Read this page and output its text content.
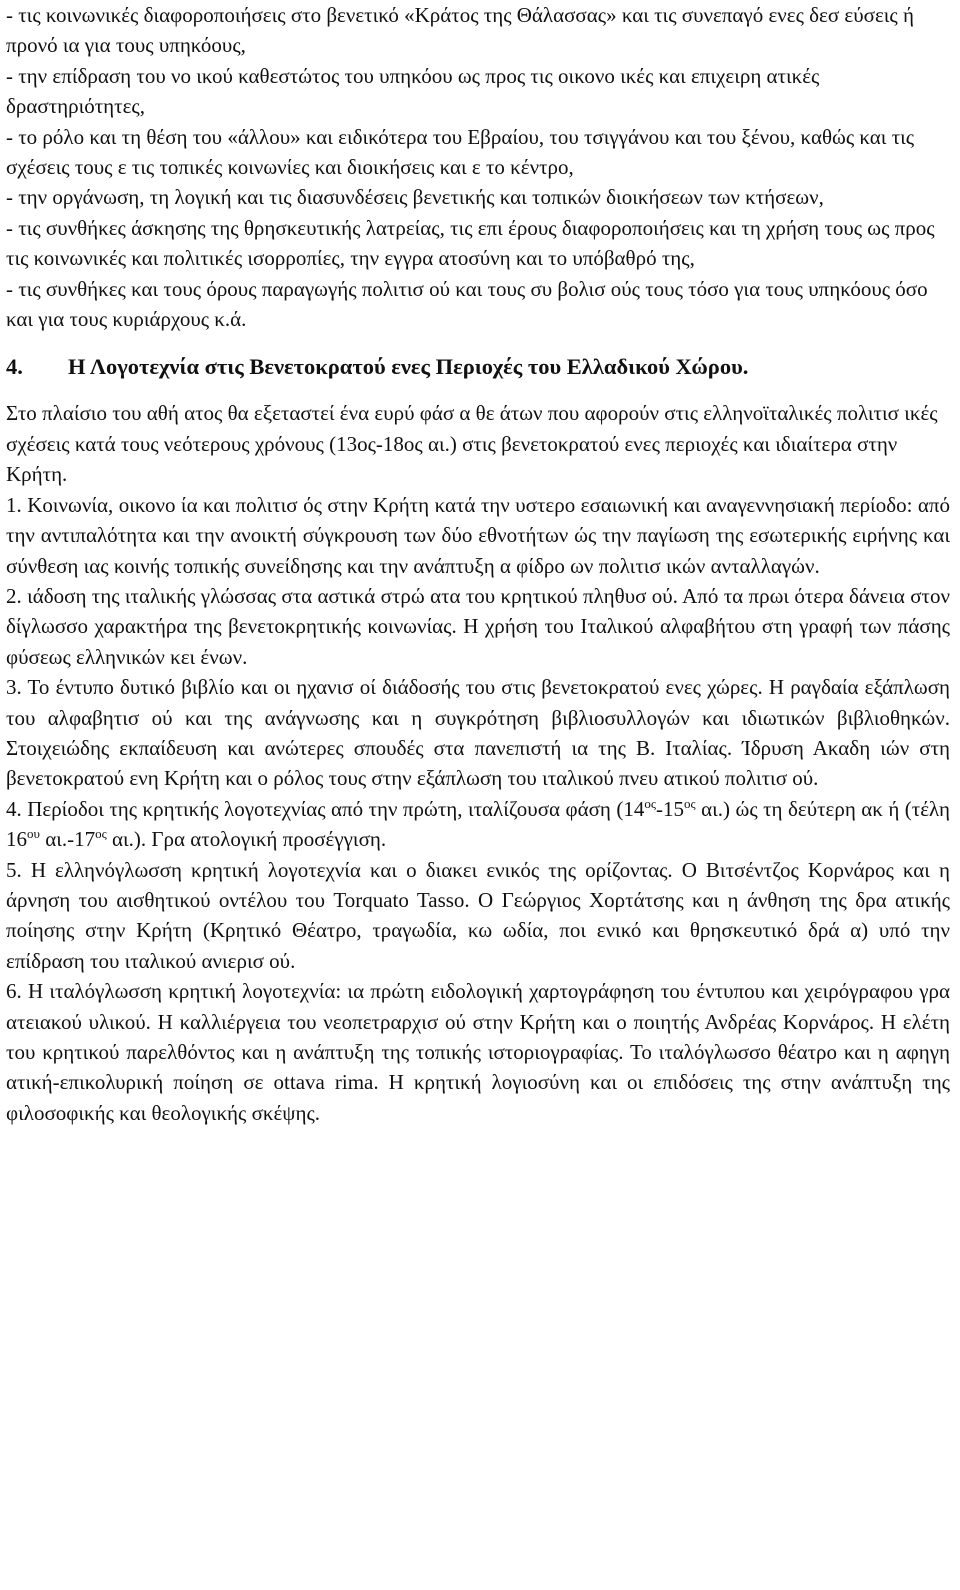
- τις κοινωνικές διαφοροποιήσεις στο βενετικό «Κράτος της Θάλασσας» και τις συνεπαγό ενες δεσ εύσεις ή προνό ια για τους υπηκόους,

- την επίδραση του νο ικού καθεστώτος του υπηκόου ως προς τις οικονο ικές και επιχειρη ατικές δραστηριότητες,

- το ρόλο και τη θέση του «άλλου» και ειδικότερα του Εβραίου, του τσιγγάνου και του ξένου, καθώς και τις σχέσεις τους ε τις τοπικές κοινωνίες και διοικήσεις και ε το κέντρο,

- την οργάνωση, τη λογική και τις διασυνδέσεις βενετικής και τοπικών διοικήσεων των κτήσεων,

- τις συνθήκες άσκησης της θρησκευτικής λατρείας, τις επι έρους διαφοροποιήσεις και τη χρήση τους ως προς τις κοινωνικές και πολιτικές ισορροπίες, την εγγρα ατοσύνη και το υπόβαθρό της,

- τις συνθήκες και τους όρους παραγωγής πολιτισ ού και τους συ βολισ ούς τους τόσο για τους υπηκόους όσο και για τους κυριάρχους κ.ά.

4.	Η Λογοτεχνία στις Βενετοκρατού ενες Περιοχές του Ελλαδικού Χώρου.

Στο πλαίσιο του αθή ατος θα εξεταστεί ένα ευρύ φάσ α θε άτων που αφορούν στις ελληνοϊταλικές πολιτισ ικές σχέσεις κατά τους νεότερους χρόνους (13ος-18ος αι.) στις βενετοκρατού ενες περιοχές και ιδιαίτερα στην Κρήτη.

1. Κοινωνία, οικονο ία και πολιτισ ός στην Κρήτη κατά την υστερο εσαιωνική και αναγεννησιακή περίοδο: από την αντιπαλότητα και την ανοικτή σύγκρουση των δύο εθνοτήτων ώς την παγίωση της εσωτερικής ειρήνης και σύνθεση ιας κοινής τοπικής συνείδησης και την ανάπτυξη α φίδρο ων πολιτισ ικών ανταλλαγών.

2. ιάδοση της ιταλικής γλώσσας στα αστικά στρώ ατα του κρητικού πληθυσ ού. Από τα πρωι ότερα δάνεια στον δίγλωσσο χαρακτήρα της βενετοκρητικής κοινωνίας. Η χρήση του Ιταλικού αλφαβήτου στη γραφή των πάσης φύσεως ελληνικών κει ένων.

3. Το έντυπο δυτικό βιβλίο και οι ηχανισ οί διάδοσής του στις βενετοκρατού ενες χώρες. Η ραγδαία εξάπλωση του αλφαβητισ ού και της ανάγνωσης και η συγκρότηση βιβλιοσυλλογών και ιδιωτικών βιβλιοθηκών. Στοιχειώδης εκπαίδευση και ανώτερες σπουδές στα πανεπιστή ια της Β. Ιταλίας. Ίδρυση Ακαδη ιών στη βενετοκρατού ενη Κρήτη και ο ρόλος τους στην εξάπλωση του ιταλικού πνευ ατικού πολιτισ ού.

4. Περίοδοι της κρητικής λογοτεχνίας από την πρώτη, ιταλίζουσα φάση ($14^{o\varsigma}-15^{o\varsigma}$ αι.) ώς τη δεύτερη ακ ή (τέλη $16^{o\upsilon}$ $\alpha\iota.-17^{o\varsigma}$ αι.). Γρα ατολογική προσέγγιση.

5. Η ελληνόγλωσση κρητική λογοτεχνία και ο διακει ενικός της ορίζοντας. Ο Βιτσέντζος Κορνάρος και η άρνηση του αισθητικού οντέλου του Torquato Tasso. Ο Γεώργιος Χορτάτσης και η άνθηση της δρα ατικής ποίησης στην Κρήτη (Κρητικό Θέατρο, τραγωδία, κω ωδία, ποι ενικό και θρησκευτικό δρά α) υπό την επίδραση του ιταλικού ανιερισ ού.

6. Η ιταλόγλωσση κρητική λογοτεχνία: ια πρώτη ειδολογική χαρτογράφηση του έντυπου και χειρόγραφου γρα ατειακού υλικού. Η καλλιέργεια του νεοπετραρχισ ού στην Κρήτη και ο ποιητής Ανδρέας Κορνάρος. Η ελέτη του κρητικού παρελθόντος και η ανάπτυξη της τοπικής ιστοριογραφίας. Το ιταλόγλωσσο θέατρο και η αφηγη ατική-επικολυρική ποίηση σε ottava rima. Η κρητική λογιοσύνη και οι επιδόσεις της στην ανάπτυξη της φιλοσοφικής και θεολογικής σκέψης.
